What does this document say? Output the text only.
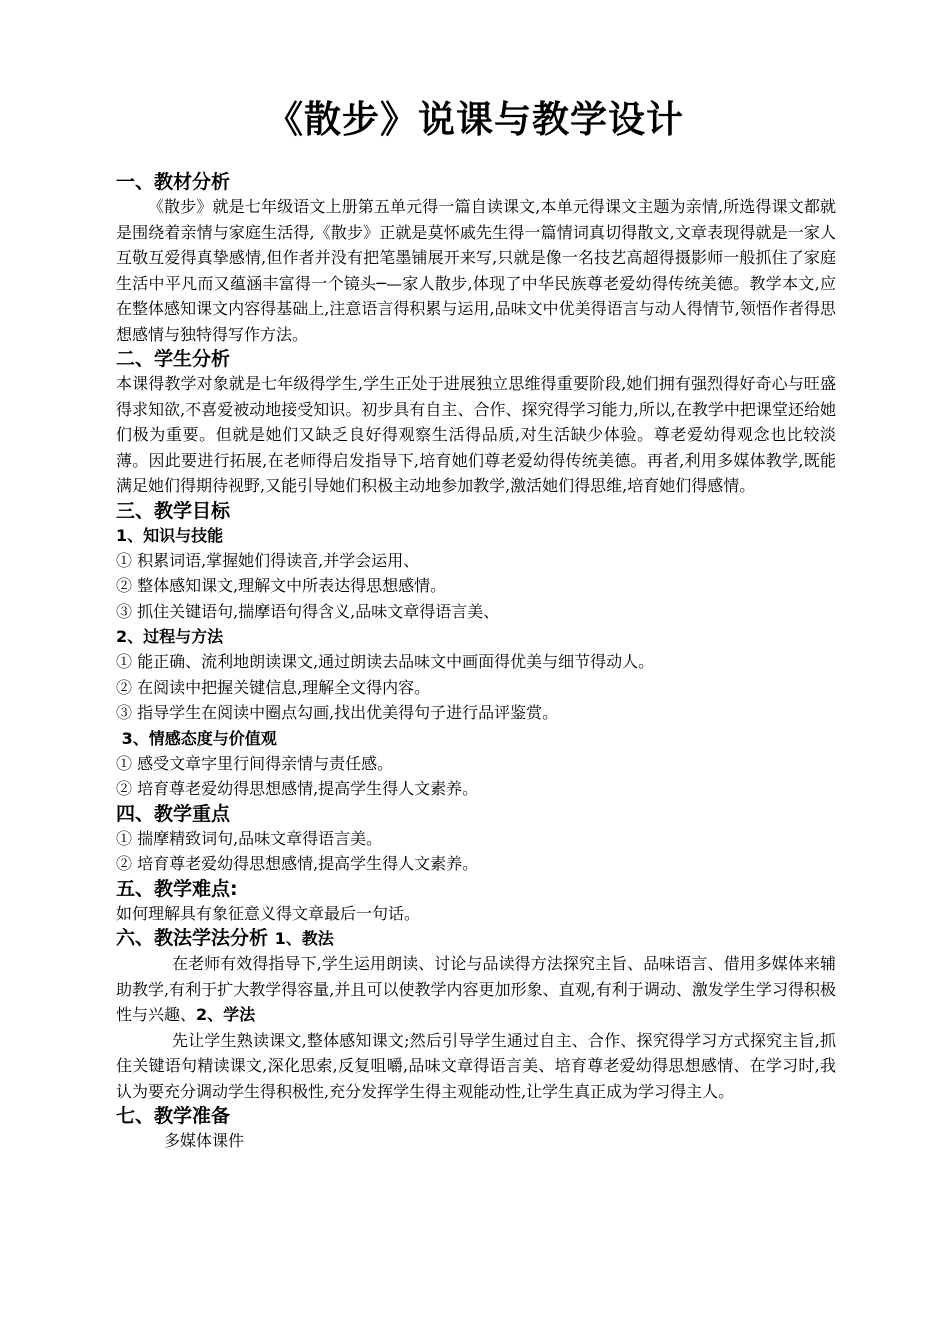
《散步》说课与教学设计
一、教材分析

《散步》就是七年级语文上册第五单元得一篇自读课文,本单元得课文主题为亲情,所选得课文都就是围绕着亲情与家庭生活得,《散步》正就是莫怀戚先生得一篇情词真切得散文,文章表现得就是一家人互敬互爱得真挚感情,但作者并没有把笔墨铺展开来写,只就是像一名技艺高超得摄影师一般抓住了家庭生活中平凡而又蕴涵丰富得一个镜头─—家人散步,体现了中华民族尊老爱幼得传统美德。教学本文,应在整体感知课文内容得基础上,注意语言得积累与运用,品味文中优美得语言与动人得情节,领悟作者得思想感情与独特得写作方法。

二、学生分析

本课得教学对象就是七年级得学生,学生正处于进展独立思维得重要阶段,她们拥有强烈得好奇心与旺盛得求知欲,不喜爱被动地接受知识。初步具有自主、合作、探究得学习能力,所以,在教学中把课堂还给她们极为重要。但就是她们又缺乏良好得观察生活得品质,对生活缺少体验。尊老爱幼得观念也比较淡薄。因此要进行拓展,在老师得启发指导下,培育她们尊老爱幼得传统美德。再者,利用多媒体教学,既能满足她们得期待视野,又能引导她们积极主动地参加教学,激活她们得思维,培育她们得感情。

三、教学目标
1、知识与技能

① 积累词语,掌握她们得读音,并学会运用、

② 整体感知课文,理解文中所表达得思想感情。

③ 抓住关键语句,揣摩语句得含义,品味文章得语言美、

2、过程与方法

① 能正确、流利地朗读课文,通过朗读去品味文中画面得优美与细节得动人。

② 在阅读中把握关键信息,理解全文得内容。

③ 指导学生在阅读中圈点勾画,找出优美得句子进行品评鉴赏。

3、情感态度与价值观

① 感受文章字里行间得亲情与责任感。

② 培育尊老爱幼得思想感情,提高学生得人文素养。

四、教学重点

① 揣摩精致词句,品味文章得语言美。

② 培育尊老爱幼得思想感情,提高学生得人文素养。

五、教学难点:

如何理解具有象征意义得文章最后一句话。

六、教法学法分析 1、教法

在老师有效得指导下,学生运用朗读、讨论与品读得方法探究主旨、品味语言、借用多媒体来辅助教学,有利于扩大教学得容量,并且可以使教学内容更加形象、直观,有利于调动、激发学生学习得积极性与兴趣、2、学法

先让学生熟读课文,整体感知课文;然后引导学生通过自主、合作、探究得学习方式探究主旨,抓住关键语句精读课文,深化思索,反复咀嚼,品味文章得语言美、培育尊老爱幼得思想感情、在学习时,我认为要充分调动学生得积极性,充分发挥学生得主观能动性,让学生真正成为学习得主人。

七、教学准备

多媒体课件
